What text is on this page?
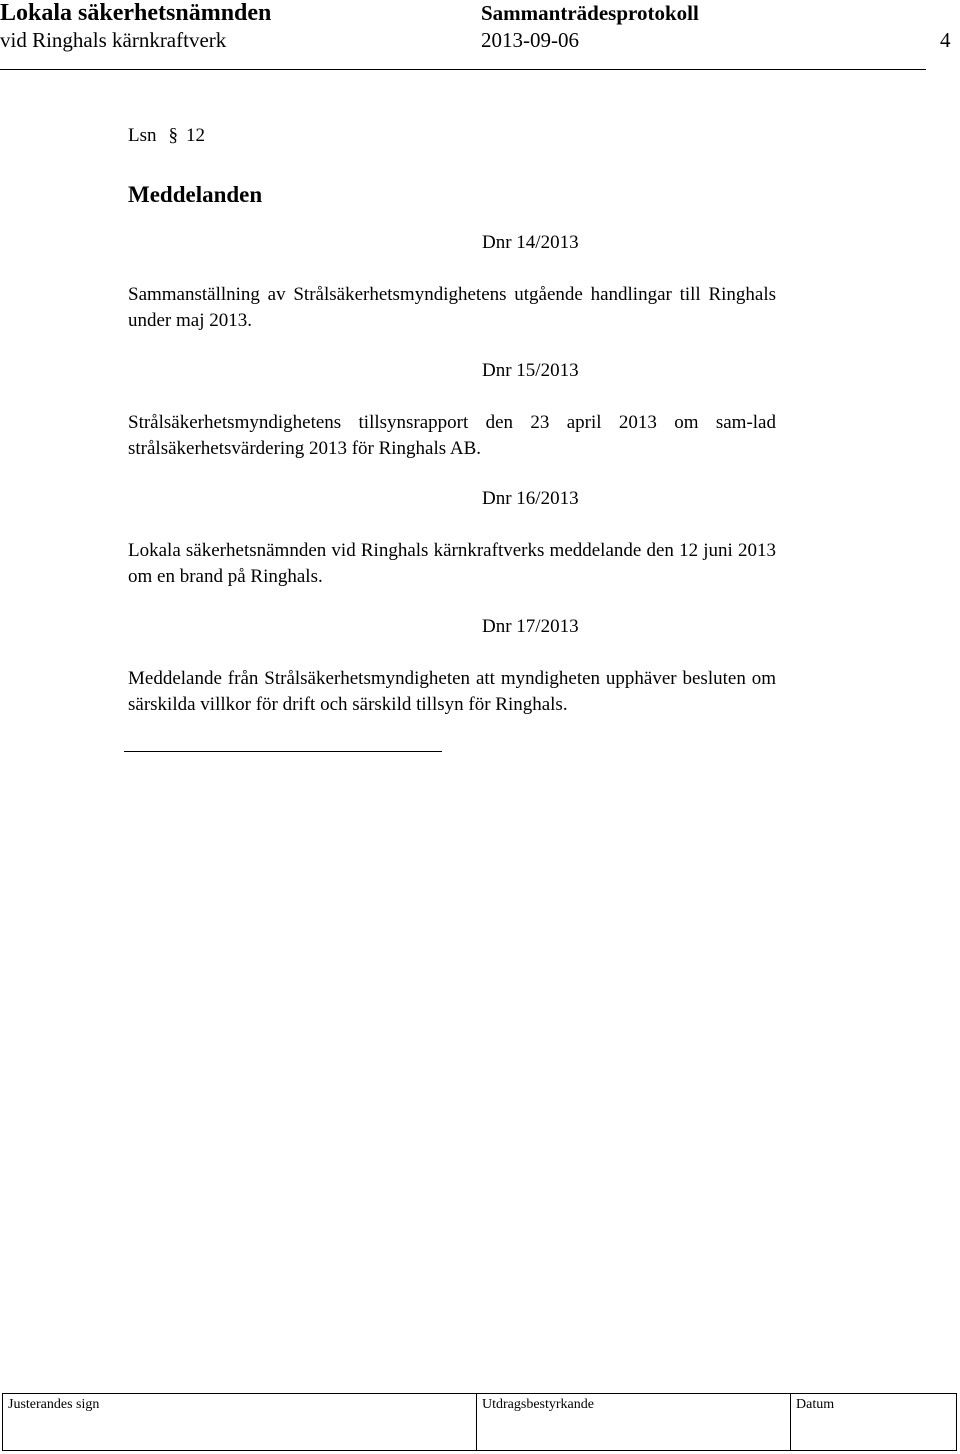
Lokala säkerhetsnämnden
vid Ringhals kärnkraftverk
Sammanträdesprotokoll
2013-09-06	4
Lsn § 12
Meddelanden
Dnr 14/2013
Sammanställning av Strålsäkerhetsmyndighetens utgående handlingar till Ringhals under maj 2013.
Dnr 15/2013
Strålsäkerhetsmyndighetens tillsynsrapport den 23 april 2013 om sam-lad strålsäkerhetsvärdering 2013 för Ringhals AB.
Dnr 16/2013
Lokala säkerhetsnämnden vid Ringhals kärnkraftverks meddelande den 12 juni 2013 om en brand på Ringhals.
Dnr 17/2013
Meddelande från Strålsäkerhetsmyndigheten att myndigheten upphäver besluten om särskilda villkor för drift och särskild tillsyn för Ringhals.
Justerandes sign	Utdragsbestyrkande	Datum
